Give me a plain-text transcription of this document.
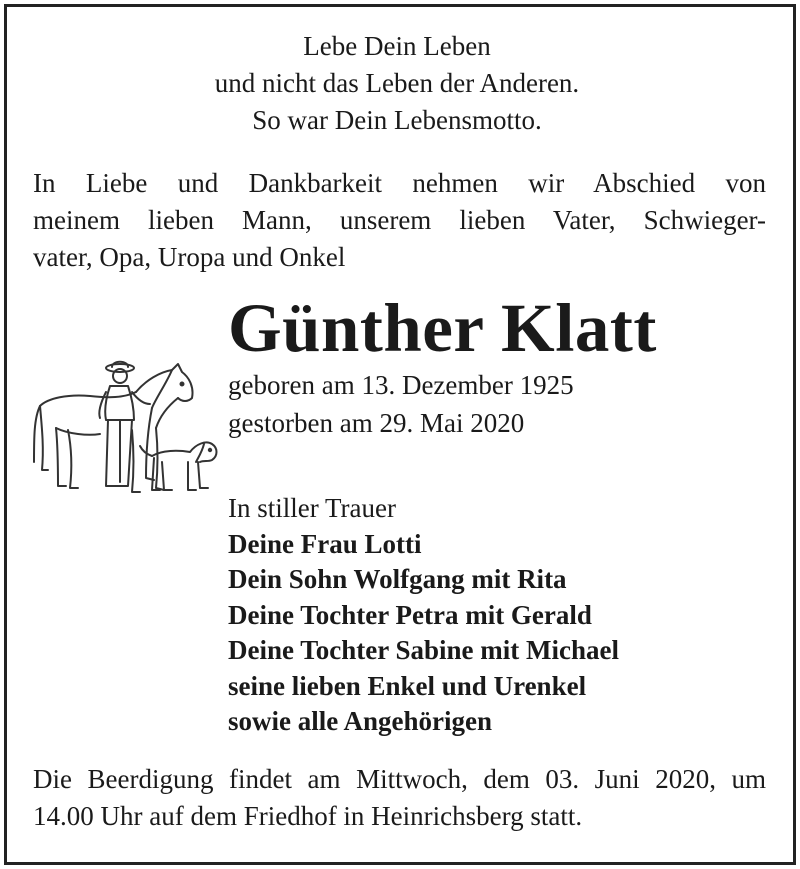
Lebe Dein Leben
und nicht das Leben der Anderen.
So war Dein Lebensmotto.
In Liebe und Dankbarkeit nehmen wir Abschied von
meinem lieben Mann, unserem lieben Vater, Schwieger-
vater, Opa, Uropa und Onkel
Günther Klatt
geboren am 13. Dezember 1925
gestorben am 29. Mai 2020
In stiller Trauer
Deine Frau Lotti
Dein Sohn Wolfgang mit Rita
Deine Tochter Petra mit Gerald
Deine Tochter Sabine mit Michael
seine lieben Enkel und Urenkel
sowie alle Angehörigen
Die Beerdigung findet am Mittwoch, dem 03. Juni 2020, um
14.00 Uhr auf dem Friedhof in Heinrichsberg statt.
